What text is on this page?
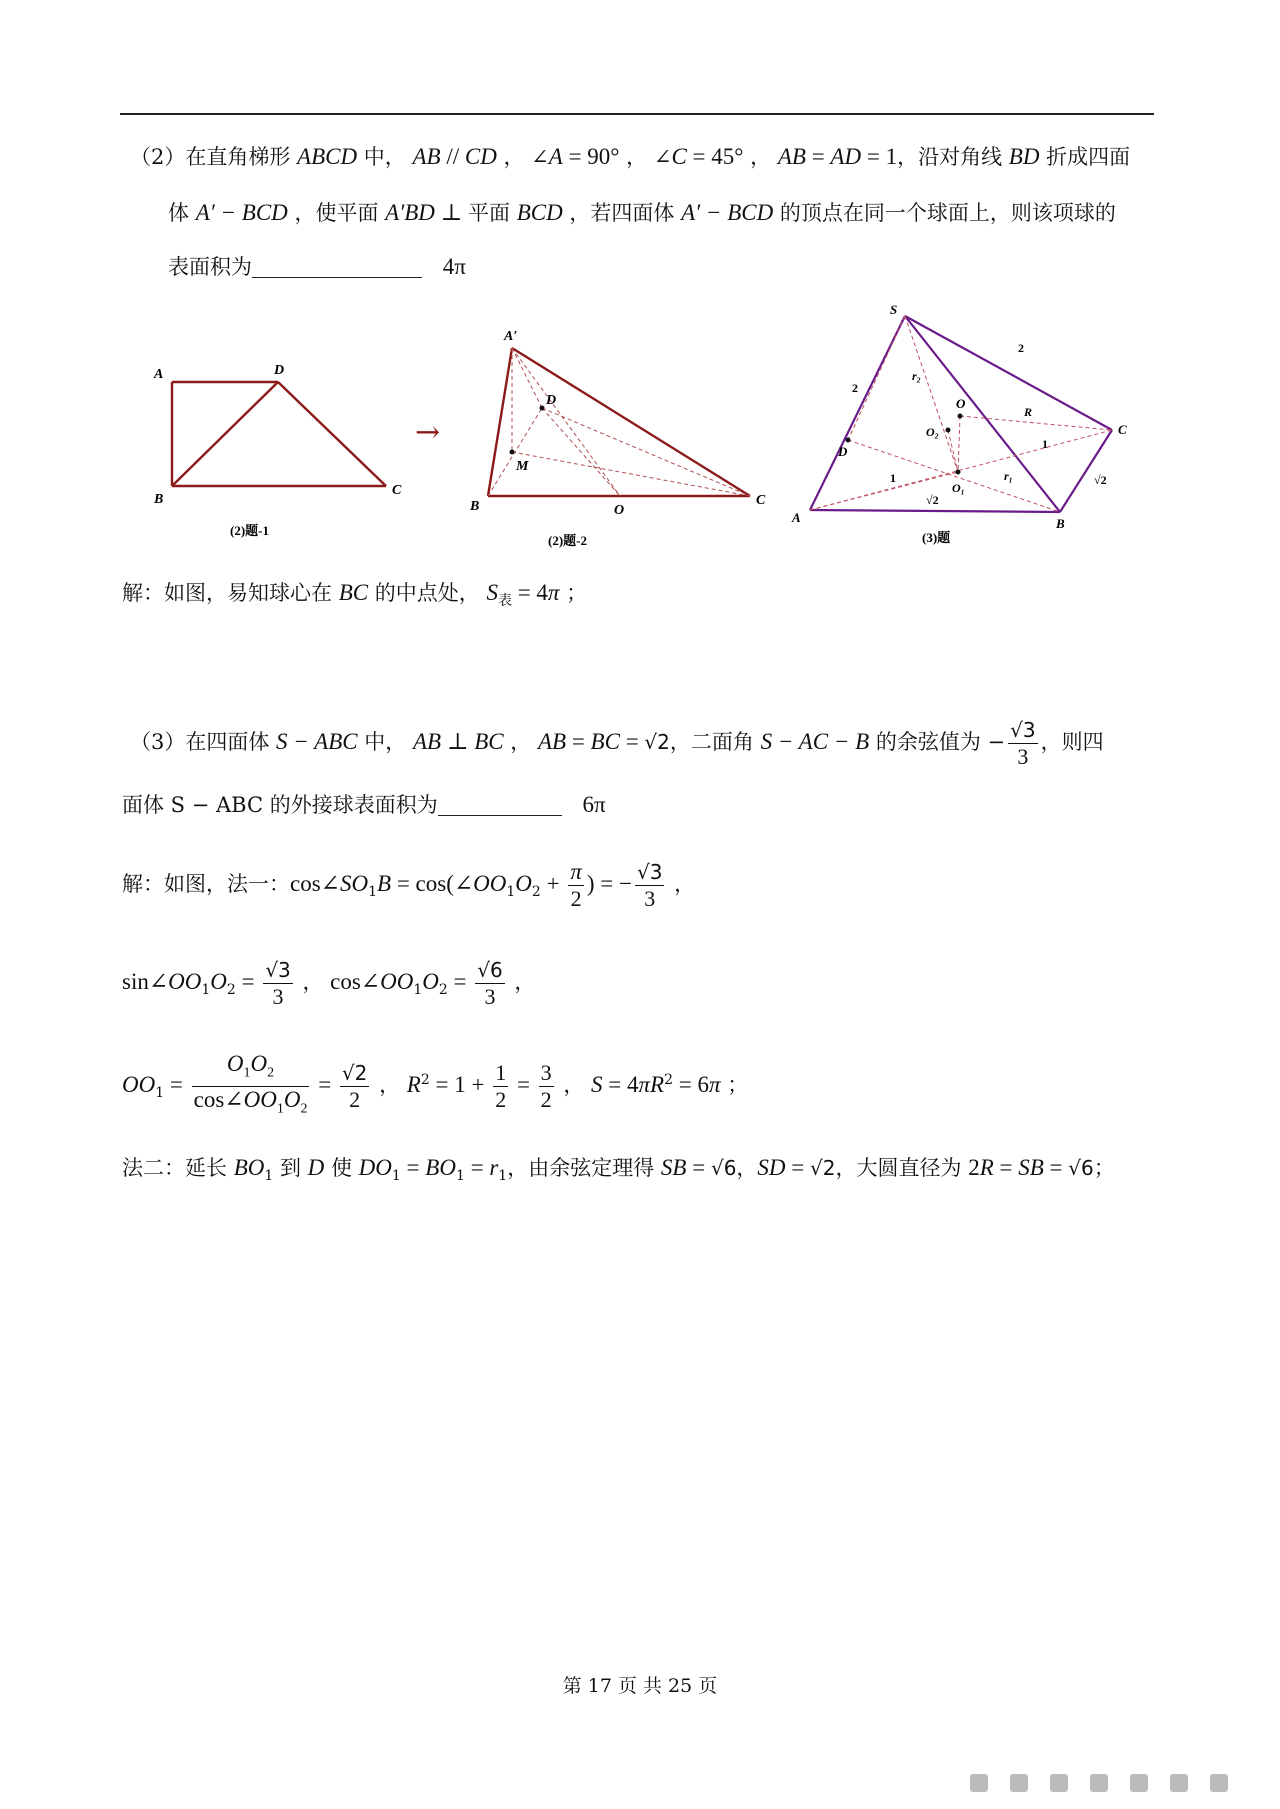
（2）在直角梯形 ABCD 中， AB // CD ， ∠A = 90° ， ∠C = 45° ， AB = AD = 1，沿对角线 BD 折成四面
体 A′ − BCD ，使平面 A′BD ⊥ 平面 BCD ，若四面体 A′ − BCD 的顶点在同一个球面上，则该项球的
表面积为	4π
A	D
B
C
(2)题-1
→
A′
D
M
B	C
O
(2)题-2
S
A	B
C
D
O
O₂
O₁
R
r₁
r₂
2
2
1
1
√2
√2
(3)题
解：如图，易知球心在 BC 的中点处， $S_表 = 4\pi$ ；
（3）在四面体 S − ABC 中， AB ⊥ BC ， AB = BC = √2，二面角 S − AC − B 的余弦值为 − $\frac{√3}{3}$ ，则四
面体 S − ABC 的外接球表面积为	6π
解：如图，法一：$\cos\angle SO_1B$ = $\cos(\angle OO_1O_2 + \frac{\pi}{2}$ ) = − $\frac{√3}{3}$ ，
$\sin\angle OO_1O_2 = \frac{√3}{3}$ ， $\cos\angle OO_1O_2 = \frac{√6}{3}$ ，
$OO_1 = \frac{O_1O_2}{\cos\angle OO_1O_2} = \frac{√2}{2}$ ， $R^2 = 1 + \frac{1}{2} = \frac{3}{2}$ ， $S = 4\pi R^2 = 6\pi$ ；
法二：延长 $BO_1$ 到 D 使 $DO_1 = BO_1 = r_1$，由余弦定理得 SB = √6，SD = √2，大圆直径为 2R = SB = √6；
第 17 页 共 25 页
